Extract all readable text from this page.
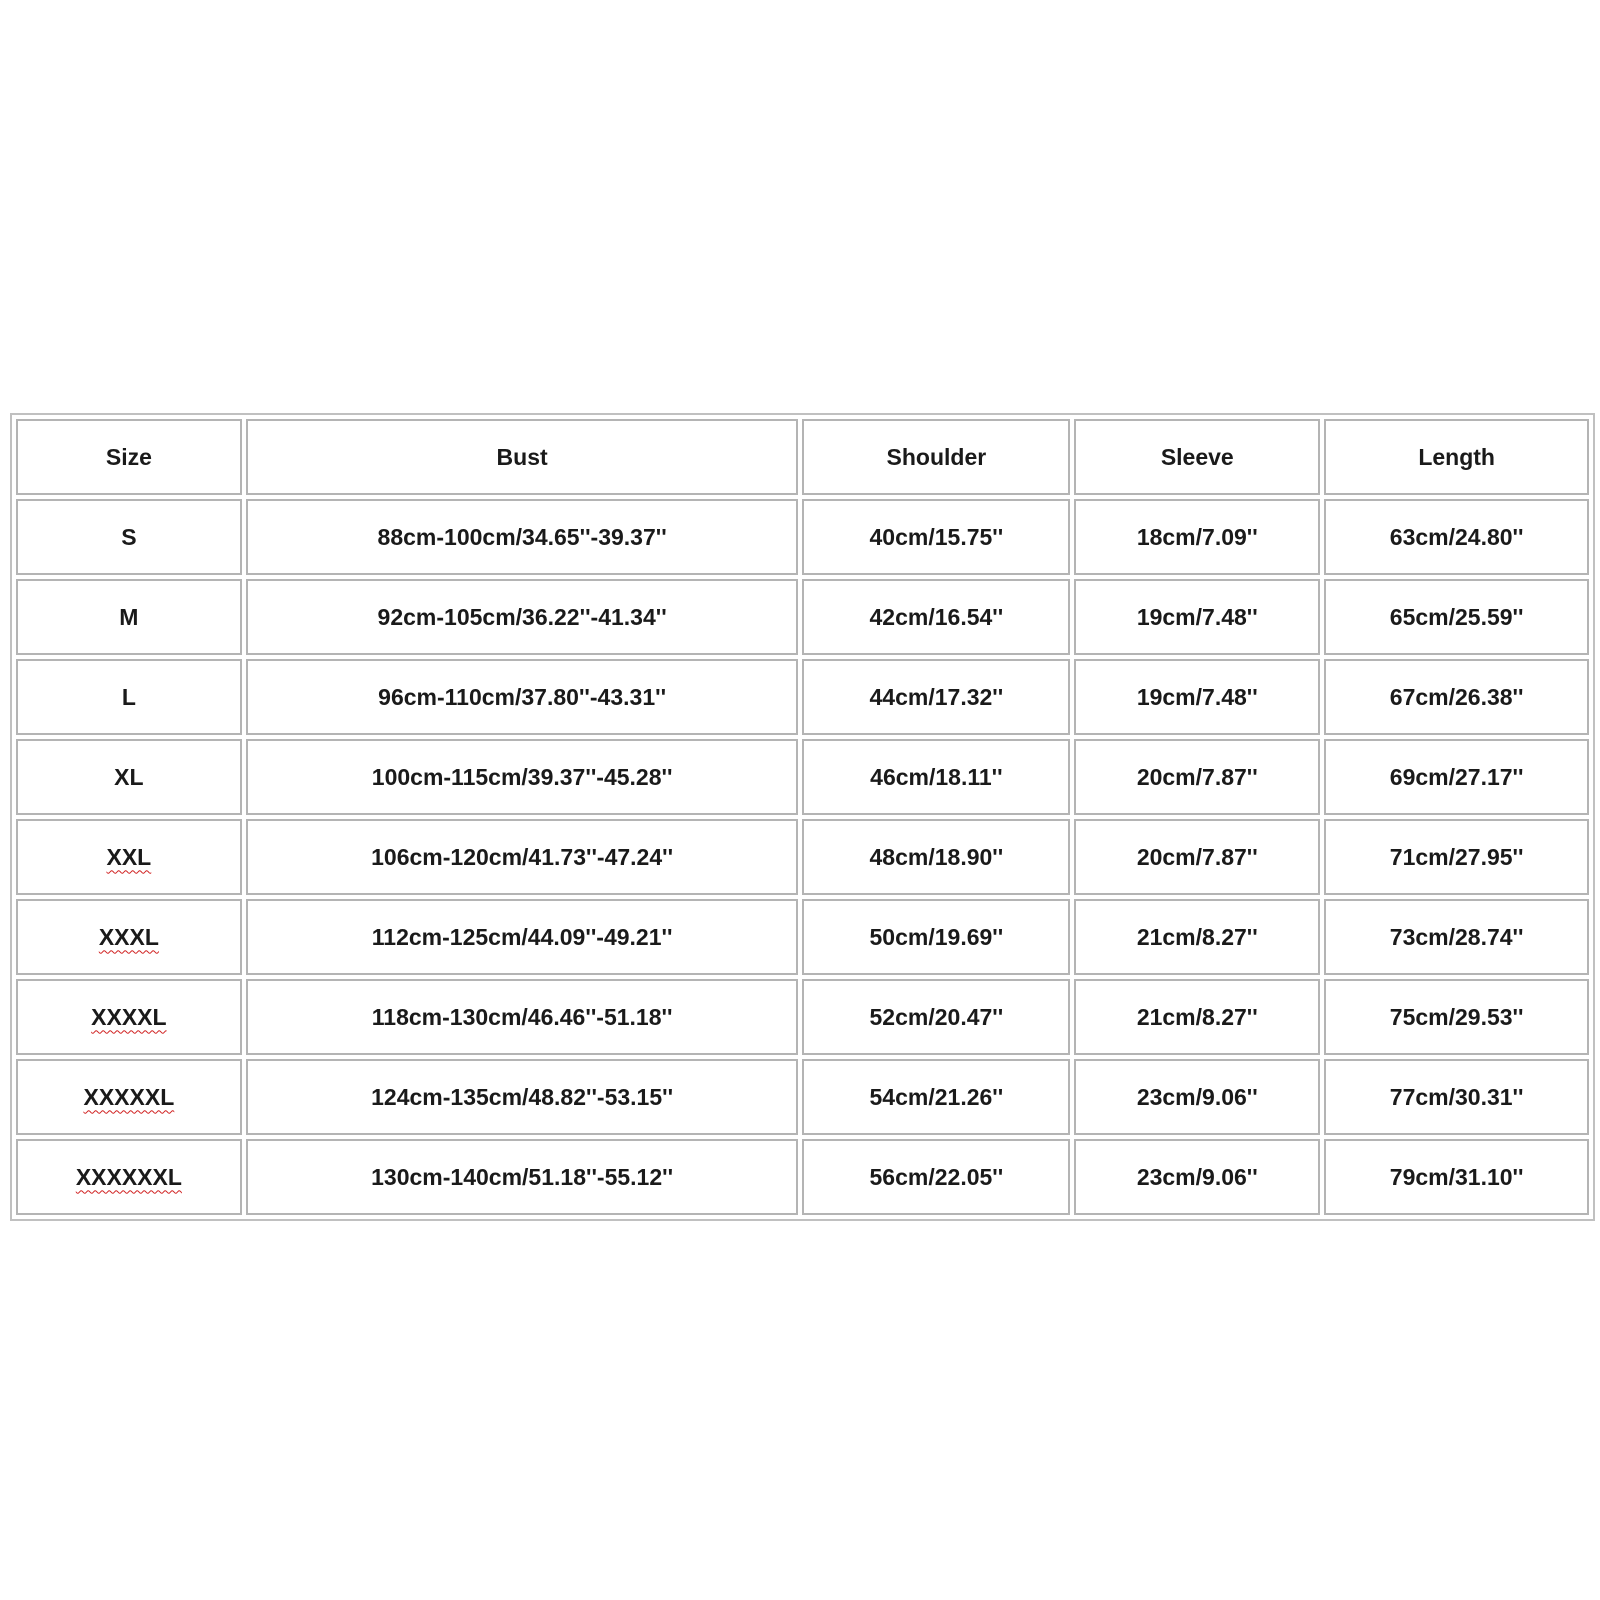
Size	Bust	Shoulder	Sleeve	Length
S	88cm-100cm/34.65''-39.37''	40cm/15.75''	18cm/7.09''	63cm/24.80''
M	92cm-105cm/36.22''-41.34''	42cm/16.54''	19cm/7.48''	65cm/25.59''
L	96cm-110cm/37.80''-43.31''	44cm/17.32''	19cm/7.48''	67cm/26.38''
XL	100cm-115cm/39.37''-45.28''	46cm/18.11''	20cm/7.87''	69cm/27.17''
XXL	106cm-120cm/41.73''-47.24''	48cm/18.90''	20cm/7.87''	71cm/27.95''
XXXL	112cm-125cm/44.09''-49.21''	50cm/19.69''	21cm/8.27''	73cm/28.74''
XXXXL	118cm-130cm/46.46''-51.18''	52cm/20.47''	21cm/8.27''	75cm/29.53''
XXXXXL	124cm-135cm/48.82''-53.15''	54cm/21.26''	23cm/9.06''	77cm/30.31''
XXXXXXL	130cm-140cm/51.18''-55.12''	56cm/22.05''	23cm/9.06''	79cm/31.10''
